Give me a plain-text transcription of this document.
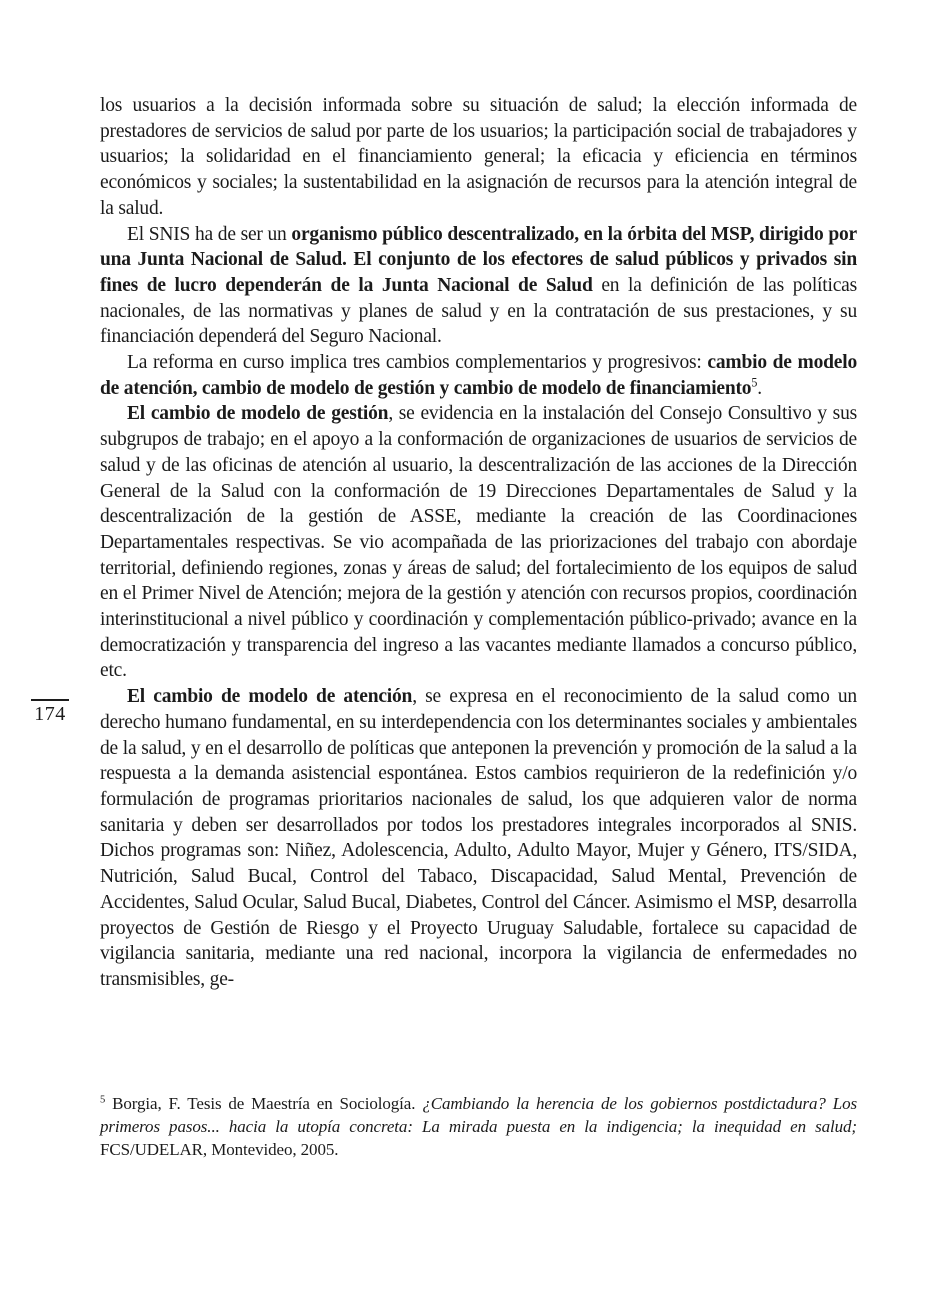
174

los usuarios a la decisión informada sobre su situación de salud; la elección informada de prestadores de servicios de salud por parte de los usuarios; la participación social de trabajadores y usuarios; la solidaridad en el financiamiento general; la eficacia y eficiencia en términos económicos y sociales; la sustentabilidad en la asignación de recursos para la atención integral de la salud.

El SNIS ha de ser un organismo público descentralizado, en la órbita del MSP, dirigido por una Junta Nacional de Salud. El conjunto de los efectores de salud públicos y privados sin fines de lucro dependerán de la Junta Nacional de Salud en la definición de las políticas nacionales, de las normativas y planes de salud y en la contratación de sus prestaciones, y su financiación dependerá del Seguro Nacional.

La reforma en curso implica tres cambios complementarios y progresivos: cambio de modelo de atención, cambio de modelo de gestión y cambio de modelo de financiamiento$^5$.

El cambio de modelo de gestión, se evidencia en la instalación del Consejo Consultivo y sus subgrupos de trabajo; en el apoyo a la conformación de organizaciones de usuarios de servicios de salud y de las oficinas de atención al usuario, la descentralización de las acciones de la Dirección General de la Salud con la conformación de 19 Direcciones Departamentales de Salud y la descentralización de la gestión de ASSE, mediante la creación de las Coordinaciones Departamentales respectivas. Se vio acompañada de las priorizaciones del trabajo con abordaje territorial, definiendo regiones, zonas y áreas de salud; del fortalecimiento de los equipos de salud en el Primer Nivel de Atención; mejora de la gestión y atención con recursos propios, coordinación interinstitucional a nivel público y coordinación y complementación público-privado; avance en la democratización y transparencia del ingreso a las vacantes mediante llamados a concurso público, etc.

El cambio de modelo de atención, se expresa en el reconocimiento de la salud como un derecho humano fundamental, en su interdependencia con los determinantes sociales y ambientales de la salud, y en el desarrollo de políticas que anteponen la prevención y promoción de la salud a la respuesta a la demanda asistencial espontánea. Estos cambios requirieron de la redefinición y/o formulación de programas prioritarios nacionales de salud, los que adquieren valor de norma sanitaria y deben ser desarrollados por todos los prestadores integrales incorporados al SNIS. Dichos programas son: Niñez, Adolescencia, Adulto, Adulto Mayor, Mujer y Género, ITS/SIDA, Nutrición, Salud Bucal, Control del Tabaco, Discapacidad, Salud Mental, Prevención de Accidentes, Salud Ocular, Salud Bucal, Diabetes, Control del Cáncer. Asimismo el MSP, desarrolla proyectos de Gestión de Riesgo y el Proyecto Uruguay Saludable, fortalece su capacidad de vigilancia sanitaria, mediante una red nacional, incorpora la vigilancia de enfermedades no transmisibles, ge-

$^5$ Borgia, F. Tesis de Maestría en Sociología. ¿Cambiando la herencia de los gobiernos postdictadura? Los primeros pasos... hacia la utopía concreta: La mirada puesta en la indigencia; la inequidad en salud; FCS/UDELAR, Montevideo, 2005.
